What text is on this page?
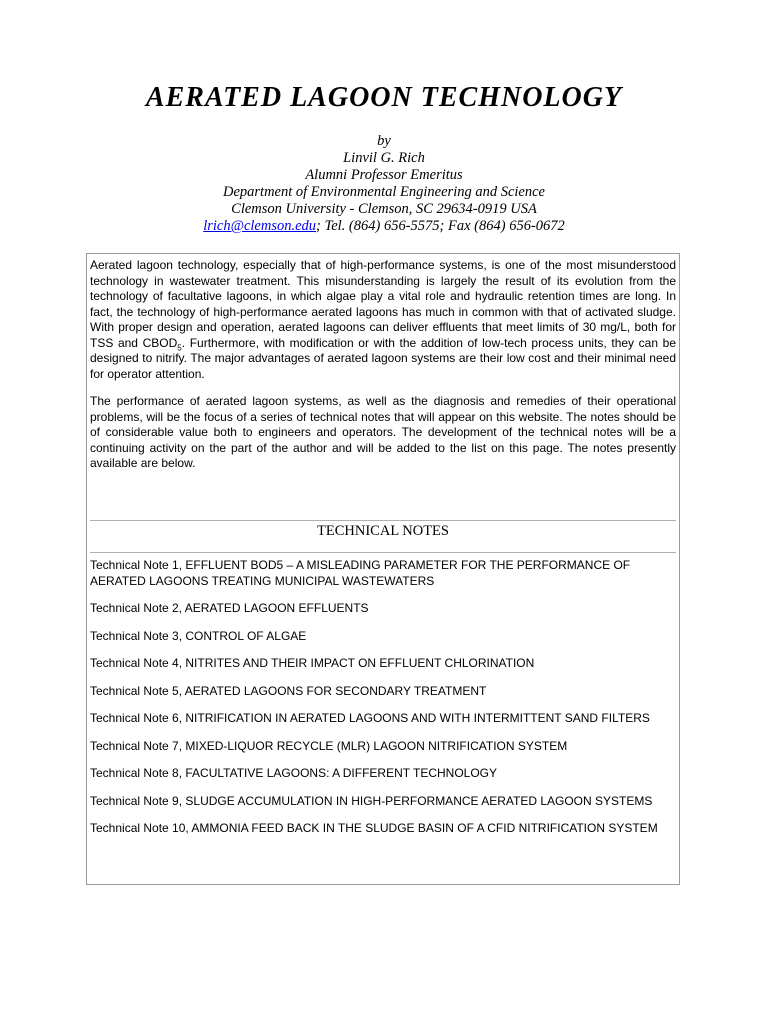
AERATED LAGOON TECHNOLOGY
by
Linvil G. Rich
Alumni Professor Emeritus
Department of Environmental Engineering and Science
Clemson University - Clemson, SC 29634-0919 USA
lrich@clemson.edu; Tel. (864) 656-5575; Fax (864) 656-0672

Aerated lagoon technology, especially that of high-performance systems, is one of the most misunderstood technology in wastewater treatment. This misunderstanding is largely the result of its evolution from the technology of facultative lagoons, in which algae play a vital role and hydraulic retention times are long. In fact, the technology of high-performance aerated lagoons has much in common with that of activated sludge. With proper design and operation, aerated lagoons can deliver effluents that meet limits of 30 mg/L, both for TSS and $CBOD_5$. Furthermore, with modification or with the addition of low-tech process units, they can be designed to nitrify. The major advantages of aerated lagoon systems are their low cost and their minimal need for operator attention.

The performance of aerated lagoon systems, as well as the diagnosis and remedies of their operational problems, will be the focus of a series of technical notes that will appear on this website. The notes should be of considerable value both to engineers and operators. The development of the technical notes will be a continuing activity on the part of the author and will be added to the list on this page. The notes presently available are below.

TECHNICAL NOTES

Technical Note 1, EFFLUENT BOD5 – A MISLEADING PARAMETER FOR THE PERFORMANCE OF AERATED LAGOONS TREATING MUNICIPAL WASTEWATERS

Technical Note 2, AERATED LAGOON EFFLUENTS

Technical Note 3, CONTROL OF ALGAE

Technical Note 4, NITRITES AND THEIR IMPACT ON EFFLUENT CHLORINATION

Technical Note 5, AERATED LAGOONS FOR SECONDARY TREATMENT

Technical Note 6, NITRIFICATION IN AERATED LAGOONS AND WITH INTERMITTENT SAND FILTERS

Technical Note 7, MIXED-LIQUOR RECYCLE (MLR) LAGOON NITRIFICATION SYSTEM

Technical Note 8, FACULTATIVE LAGOONS: A DIFFERENT TECHNOLOGY

Technical Note 9, SLUDGE ACCUMULATION IN HIGH-PERFORMANCE AERATED LAGOON SYSTEMS

Technical Note 10, AMMONIA FEED BACK IN THE SLUDGE BASIN OF A CFID NITRIFICATION SYSTEM
